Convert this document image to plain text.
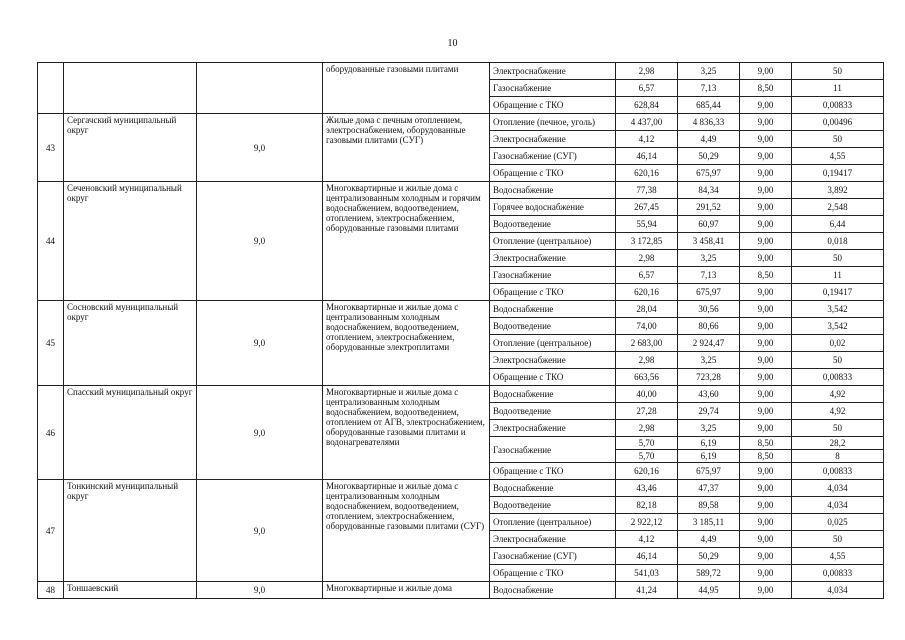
10
			оборудованные газовыми плитами	Электроснабжение	2,98	3,25	9,00	50
				Газоснабжение	6,57	7,13	8,50	11
				Обращение с ТКО	628,84	685,44	9,00	0,00833
43	Сергачский муниципальный округ	9,0	Жилые дома с печным отоплением, электроснабжением, оборудованные газовыми плитами (СУГ)	Отопление (печное, уголь)	4 437,00	4 836,33	9,00	0,00496
				Электроснабжение	4,12	4,49	9,00	50
				Газоснабжение (СУГ)	46,14	50,29	9,00	4,55
				Обращение с ТКО	620,16	675,97	9,00	0,19417
44	Сеченовский муниципальный округ	9,0	Многоквартирные и жилые дома с централизованным холодным и горячим водоснабжением, водоотведением, отоплением, электроснабжением, оборудованные газовыми плитами	Водоснабжение	77,38	84,34	9,00	3,892
				Горячее водоснабжение	267,45	291,52	9,00	2,548
				Водоотведение	55,94	60,97	9,00	6,44
				Отопление (центральное)	3 172,85	3 458,41	9,00	0,018
				Электроснабжение	2,98	3,25	9,00	50
				Газоснабжение	6,57	7,13	8,50	11
				Обращение с ТКО	620,16	675,97	9,00	0,19417
45	Сосновский муниципальный округ	9,0	Многоквартирные и жилые дома с централизованным холодным водоснабжением, водоотведением, отоплением, электроснабжением, оборудованные электроплитами	Водоснабжение	28,04	30,56	9,00	3,542
				Водоотведение	74,00	80,66	9,00	3,542
				Отопление (центральное)	2 683,00	2 924,47	9,00	0,02
				Электроснабжение	2,98	3,25	9,00	50
				Обращение с ТКО	663,56	723,28	9,00	0,00833
46	Спасский муниципальный округ	9,0	Многоквартирные и жилые дома с централизованным холодным водоснабжением, водоотведением, отоплением от АГВ, электроснабжением, оборудованные газовыми плитами и водонагревателями	Водоснабжение	40,00	43,60	9,00	4,92
				Водоотведение	27,28	29,74	9,00	4,92
				Электроснабжение	2,98	3,25	9,00	50
				Газоснабжение	5,70	6,19	8,50	28,2
					5,70	6,19	8,50	8
				Обращение с ТКО	620,16	675,97	9,00	0,00833
47	Тонкинский муниципальный округ	9,0	Многоквартирные и жилые дома с централизованным холодным водоснабжением, водоотведением, отоплением, электроснабжением, оборудованные газовыми плитами (СУГ)	Водоснабжение	43,46	47,37	9,00	4,034
				Водоотведение	82,18	89,58	9,00	4,034
				Отопление (центральное)	2 922,12	3 185,11	9,00	0,025
				Электроснабжение	4,12	4,49	9,00	50
				Газоснабжение (СУГ)	46,14	50,29	9,00	4,55
				Обращение с ТКО	541,03	589,72	9,00	0,00833
48	Тоншаевский	9,0	Многоквартирные и жилые дома	Водоснабжение	41,24	44,95	9,00	4,034
